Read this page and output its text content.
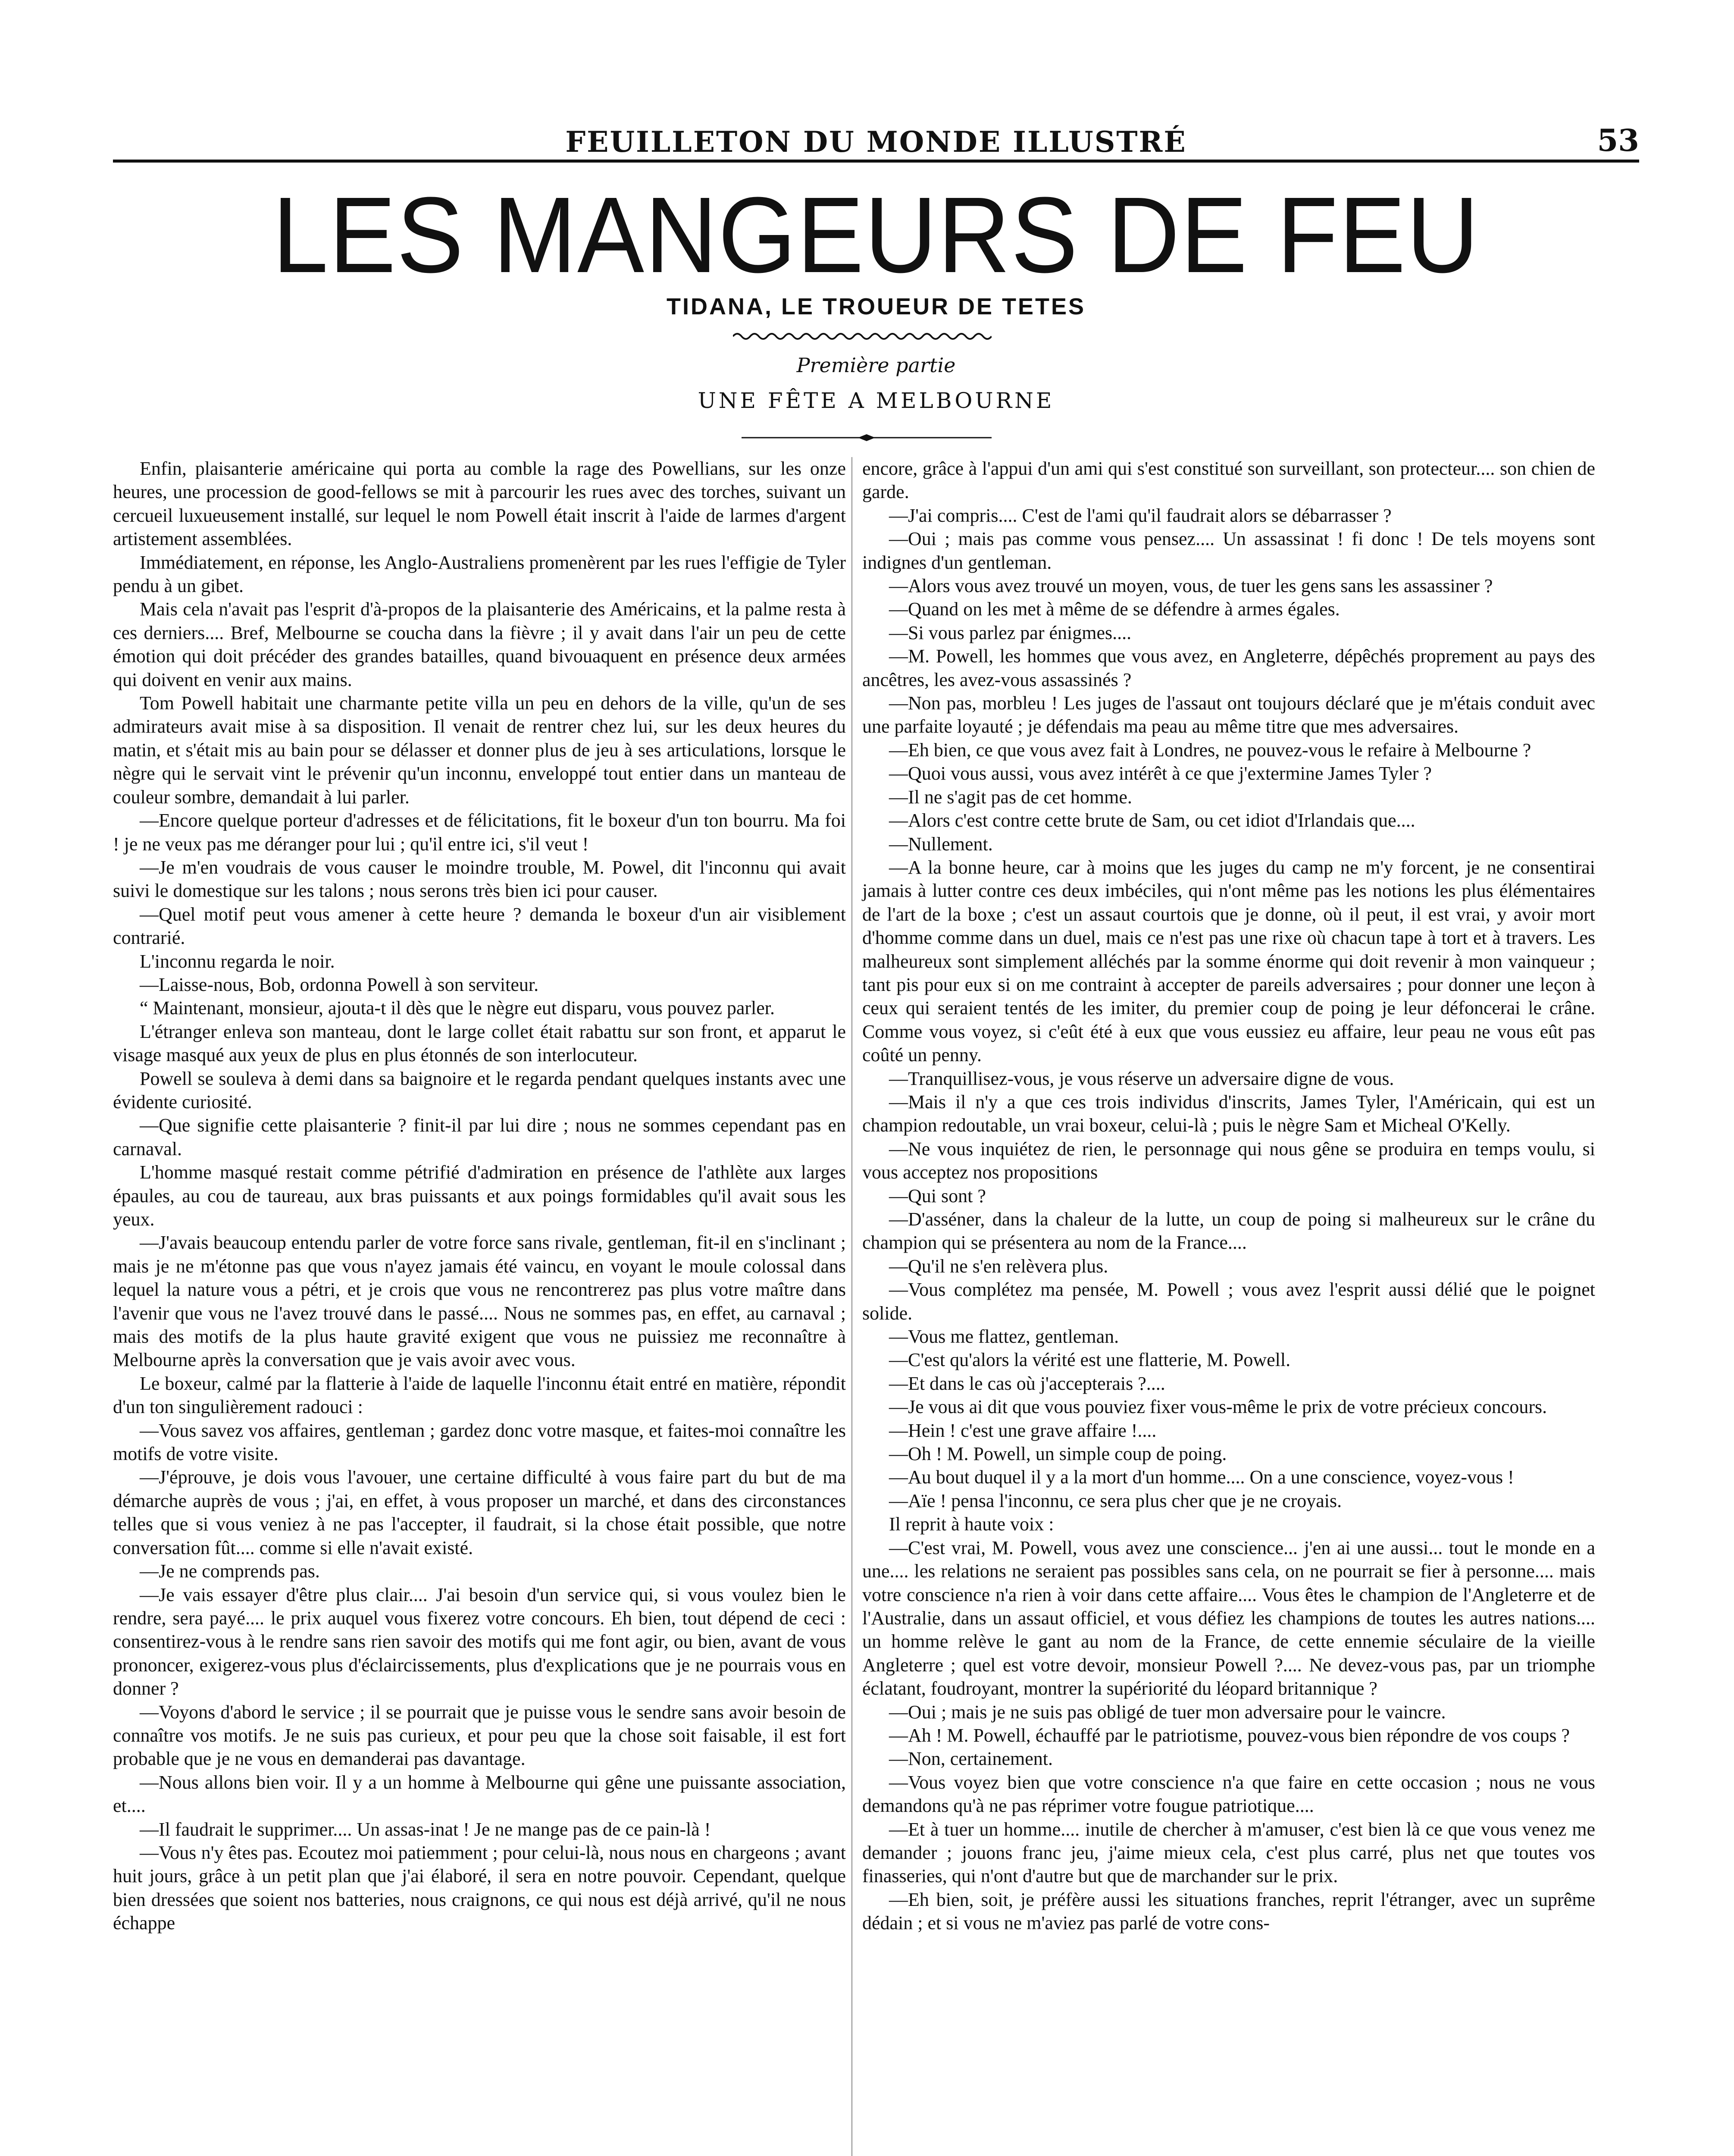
FEUILLETON DU MONDE ILLUSTRÉ	53
LES MANGEURS DE FEU
TIDANA, LE TROUEUR DE TETES
Première partie
UNE FÊTE A MELBOURNE

Enfin, plaisanterie américaine qui porta au comble la rage des Powellians, sur les onze heures, une procession de good-fellows se mit à parcourir les rues avec des torches, suivant un cercueil luxueusement installé, sur lequel le nom Powell était inscrit à l'aide de larmes d'argent artistement assemblées.

Immédiatement, en réponse, les Anglo-Australiens promenèrent par les rues l'effigie de Tyler pendu à un gibet.

Mais cela n'avait pas l'esprit d'à-propos de la plaisanterie des Américains, et la palme resta à ces derniers.... Bref, Melbourne se coucha dans la fièvre ; il y avait dans l'air un peu de cette émotion qui doit précéder des grandes batailles, quand bivouaquent en présence deux armées qui doivent en venir aux mains.

Tom Powell habitait une charmante petite villa un peu en dehors de la ville, qu'un de ses admirateurs avait mise à sa disposition. Il venait de rentrer chez lui, sur les deux heures du matin, et s'était mis au bain pour se délasser et donner plus de jeu à ses articulations, lorsque le nègre qui le servait vint le prévenir qu'un inconnu, enveloppé tout entier dans un manteau de couleur sombre, demandait à lui parler.

—Encore quelque porteur d'adresses et de félicitations, fit le boxeur d'un ton bourru. Ma foi ! je ne veux pas me déranger pour lui ; qu'il entre ici, s'il veut !

—Je m'en voudrais de vous causer le moindre trouble, M. Powel, dit l'inconnu qui avait suivi le domestique sur les talons ; nous serons très bien ici pour causer.

—Quel motif peut vous amener à cette heure ? demanda le boxeur d'un air visiblement contrarié.

L'inconnu regarda le noir.

—Laisse-nous, Bob, ordonna Powell à son serviteur.

“ Maintenant, monsieur, ajouta-t il dès que le nègre eut disparu, vous pouvez parler.

L'étranger enleva son manteau, dont le large collet était rabattu sur son front, et apparut le visage masqué aux yeux de plus en plus étonnés de son interlocuteur.

Powell se souleva à demi dans sa baignoire et le regarda pendant quelques instants avec une évidente curiosité.

—Que signifie cette plaisanterie ? finit-il par lui dire ; nous ne sommes cependant pas en carnaval.

L'homme masqué restait comme pétrifié d'admiration en présence de l'athlète aux larges épaules, au cou de taureau, aux bras puissants et aux poings formidables qu'il avait sous les yeux.

—J'avais beaucoup entendu parler de votre force sans rivale, gentleman, fit-il en s'inclinant ; mais je ne m'étonne pas que vous n'ayez jamais été vaincu, en voyant le moule colossal dans lequel la nature vous a pétri, et je crois que vous ne rencontrerez pas plus votre maître dans l'avenir que vous ne l'avez trouvé dans le passé.... Nous ne sommes pas, en effet, au carnaval ; mais des motifs de la plus haute gravité exigent que vous ne puissiez me reconnaître à Melbourne après la conversation que je vais avoir avec vous.

Le boxeur, calmé par la flatterie à l'aide de laquelle l'inconnu était entré en matière, répondit d'un ton singulièrement radouci :

—Vous savez vos affaires, gentleman ; gardez donc votre masque, et faites-moi connaître les motifs de votre visite.

—J'éprouve, je dois vous l'avouer, une certaine difficulté à vous faire part du but de ma démarche auprès de vous ; j'ai, en effet, à vous proposer un marché, et dans des circonstances telles que si vous veniez à ne pas l'accepter, il faudrait, si la chose était possible, que notre conversation fût.... comme si elle n'avait existé.

—Je ne comprends pas.

—Je vais essayer d'être plus clair.... J'ai besoin d'un service qui, si vous voulez bien le rendre, sera payé.... le prix auquel vous fixerez votre concours. Eh bien, tout dépend de ceci : consentirez-vous à le rendre sans rien savoir des motifs qui me font agir, ou bien, avant de vous prononcer, exigerez-vous plus d'éclaircissements, plus d'explications que je ne pourrais vous en donner ?

—Voyons d'abord le service ; il se pourrait que je puisse vous le sendre sans avoir besoin de connaître vos motifs. Je ne suis pas curieux, et pour peu que la chose soit faisable, il est fort probable que je ne vous en demanderai pas davantage.

—Nous allons bien voir. Il y a un homme à Melbourne qui gêne une puissante association, et....

—Il faudrait le supprimer.... Un assas-inat ! Je ne mange pas de ce pain-là !

—Vous n'y êtes pas. Ecoutez moi patiemment ; pour celui-là, nous nous en chargeons ; avant huit jours, grâce à un petit plan que j'ai élaboré, il sera en notre pouvoir. Cependant, quelque bien dressées que soient nos batteries, nous craignons, ce qui nous est déjà arrivé, qu'il ne nous échappe

encore, grâce à l'appui d'un ami qui s'est constitué son surveillant, son protecteur.... son chien de garde.

—J'ai compris.... C'est de l'ami qu'il faudrait alors se débarrasser ?

—Oui ; mais pas comme vous pensez.... Un assassinat ! fi donc ! De tels moyens sont indignes d'un gentleman.

—Alors vous avez trouvé un moyen, vous, de tuer les gens sans les assassiner ?

—Quand on les met à même de se défendre à armes égales.

—Si vous parlez par énigmes....

—M. Powell, les hommes que vous avez, en Angleterre, dépêchés proprement au pays des ancêtres, les avez-vous assassinés ?

—Non pas, morbleu ! Les juges de l'assaut ont toujours déclaré que je m'étais conduit avec une parfaite loyauté ; je défendais ma peau au même titre que mes adversaires.

—Eh bien, ce que vous avez fait à Londres, ne pouvez-vous le refaire à Melbourne ?

—Quoi vous aussi, vous avez intérêt à ce que j'extermine James Tyler ?

—Il ne s'agit pas de cet homme.

—Alors c'est contre cette brute de Sam, ou cet idiot d'Irlandais que....

—Nullement.

—A la bonne heure, car à moins que les juges du camp ne m'y forcent, je ne consentirai jamais à lutter contre ces deux imbéciles, qui n'ont même pas les notions les plus élémentaires de l'art de la boxe ; c'est un assaut courtois que je donne, où il peut, il est vrai, y avoir mort d'homme comme dans un duel, mais ce n'est pas une rixe où chacun tape à tort et à travers. Les malheureux sont simplement alléchés par la somme énorme qui doit revenir à mon vainqueur ; tant pis pour eux si on me contraint à accepter de pareils adversaires ; pour donner une leçon à ceux qui seraient tentés de les imiter, du premier coup de poing je leur défoncerai le crâne. Comme vous voyez, si c'eût été à eux que vous eussiez eu affaire, leur peau ne vous eût pas coûté un penny.

—Tranquillisez-vous, je vous réserve un adversaire digne de vous.

—Mais il n'y a que ces trois individus d'inscrits, James Tyler, l'Américain, qui est un champion redoutable, un vrai boxeur, celui-là ; puis le nègre Sam et Micheal O'Kelly.

—Ne vous inquiétez de rien, le personnage qui nous gêne se produira en temps voulu, si vous acceptez nos propositions

—Qui sont ?

—D'asséner, dans la chaleur de la lutte, un coup de poing si malheureux sur le crâne du champion qui se présentera au nom de la France....

—Qu'il ne s'en relèvera plus.

—Vous complétez ma pensée, M. Powell ; vous avez l'esprit aussi délié que le poignet solide.

—Vous me flattez, gentleman.

—C'est qu'alors la vérité est une flatterie, M. Powell.

—Et dans le cas où j'accepterais ?....

—Je vous ai dit que vous pouviez fixer vous-même le prix de votre précieux concours.

—Hein ! c'est une grave affaire !....

—Oh ! M. Powell, un simple coup de poing.

—Au bout duquel il y a la mort d'un homme.... On a une conscience, voyez-vous !

—Aïe ! pensa l'inconnu, ce sera plus cher que je ne croyais.

Il reprit à haute voix :

—C'est vrai, M. Powell, vous avez une conscience... j'en ai une aussi... tout le monde en a une.... les relations ne seraient pas possibles sans cela, on ne pourrait se fier à personne.... mais votre conscience n'a rien à voir dans cette affaire.... Vous êtes le champion de l'Angleterre et de l'Australie, dans un assaut officiel, et vous défiez les champions de toutes les autres nations.... un homme relève le gant au nom de la France, de cette ennemie séculaire de la vieille Angleterre ; quel est votre devoir, monsieur Powell ?.... Ne devez-vous pas, par un triomphe éclatant, foudroyant, montrer la supériorité du léopard britannique ?

—Oui ; mais je ne suis pas obligé de tuer mon adversaire pour le vaincre.

—Ah ! M. Powell, échauffé par le patriotisme, pouvez-vous bien répondre de vos coups ?

—Non, certainement.

—Vous voyez bien que votre conscience n'a que faire en cette occasion ; nous ne vous demandons qu'à ne pas réprimer votre fougue patriotique....

—Et à tuer un homme.... inutile de chercher à m'amuser, c'est bien là ce que vous venez me demander ; jouons franc jeu, j'aime mieux cela, c'est plus carré, plus net que toutes vos finasseries, qui n'ont d'autre but que de marchander sur le prix.

—Eh bien, soit, je préfère aussi les situations franches, reprit l'étranger, avec un suprême dédain ; et si vous ne m'aviez pas parlé de votre cons-
